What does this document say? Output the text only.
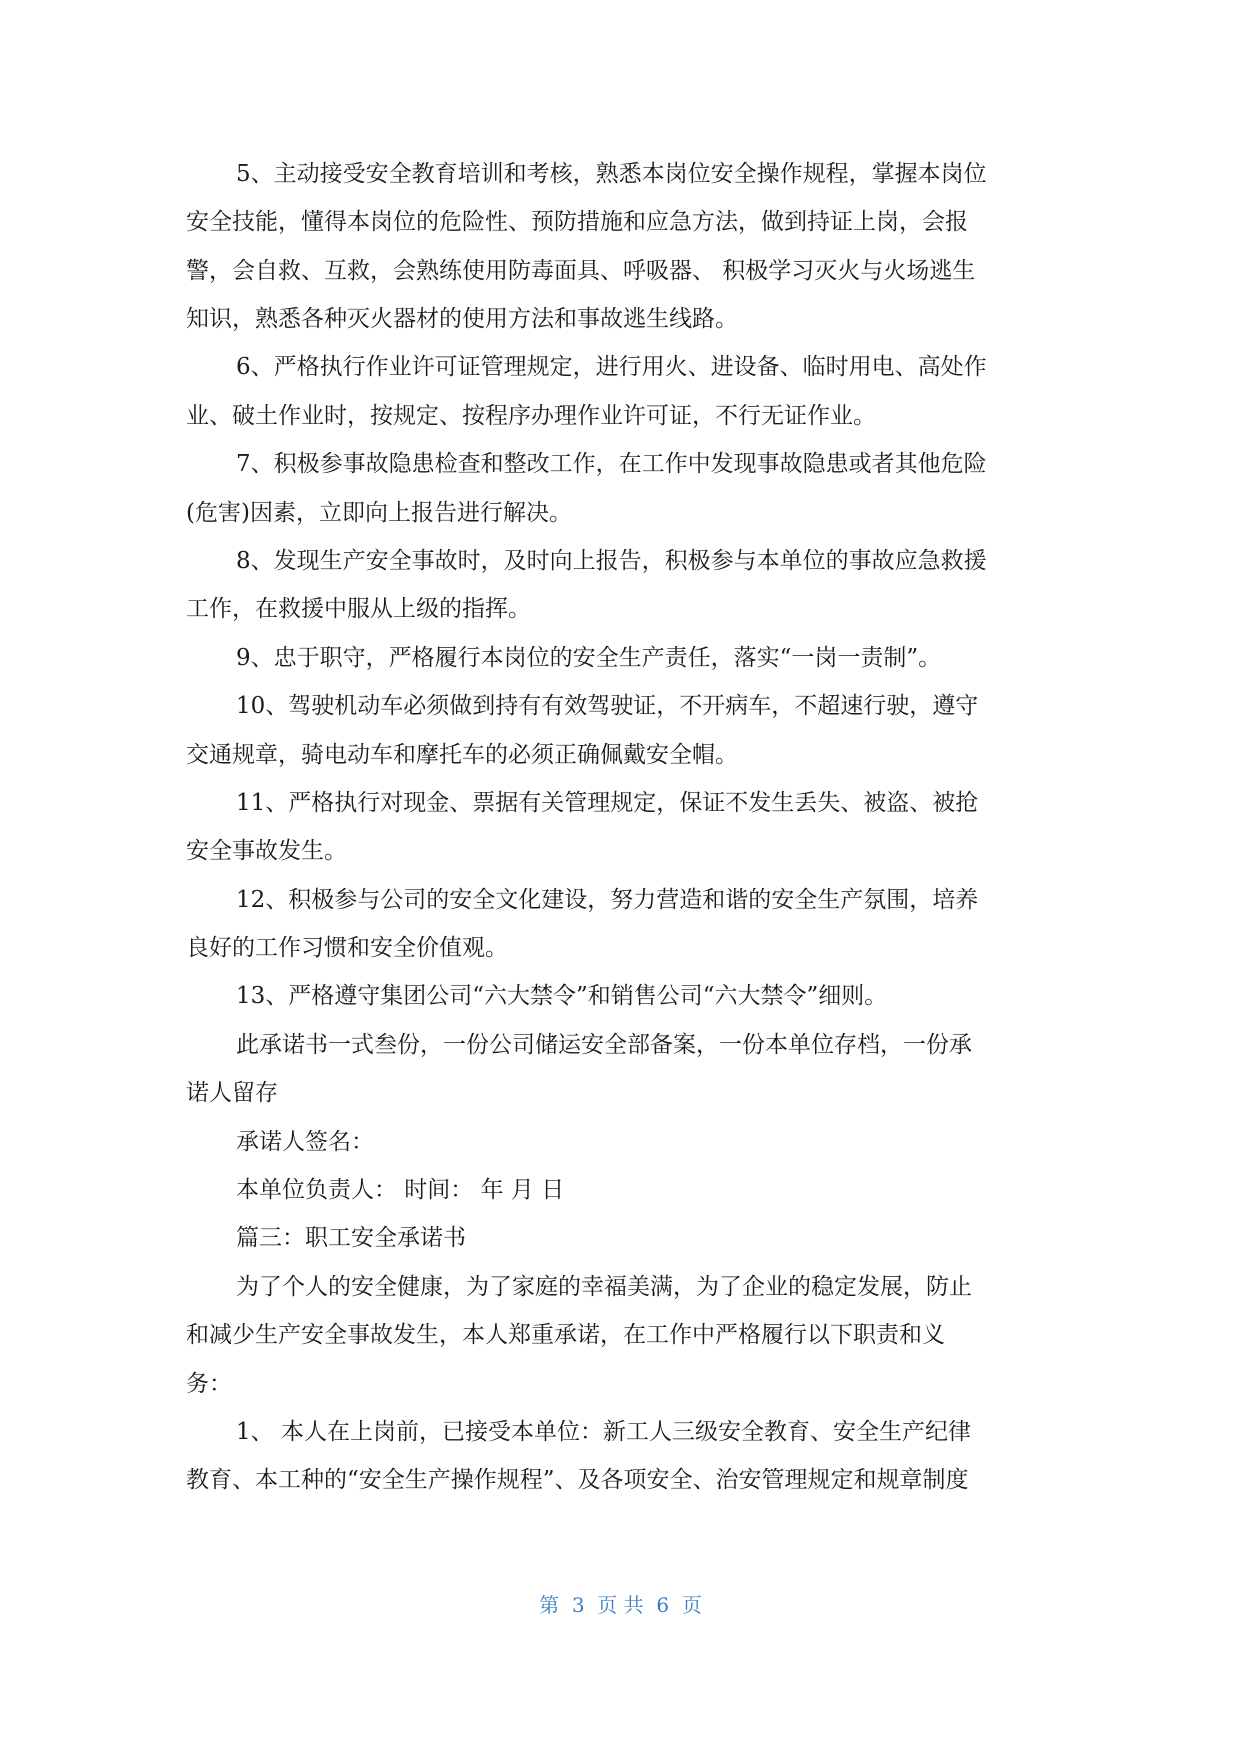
5、主动接受安全教育培训和考核，熟悉本岗位安全操作规程，掌握本岗位
安全技能，懂得本岗位的危险性、预防措施和应急方法，做到持证上岗，会报
警，会自救、互救，会熟练使用防毒面具、呼吸器、 积极学习灭火与火场逃生
知识，熟悉各种灭火器材的使用方法和事故逃生线路。
6、严格执行作业许可证管理规定，进行用火、进设备、临时用电、高处作
业、破土作业时，按规定、按程序办理作业许可证，不行无证作业。
7、积极参事故隐患检查和整改工作，在工作中发现事故隐患或者其他危险
(危害)因素，立即向上报告进行解决。
8、发现生产安全事故时，及时向上报告，积极参与本单位的事故应急救援
工作，在救援中服从上级的指挥。
9、忠于职守，严格履行本岗位的安全生产责任，落实“一岗一责制”。
10、驾驶机动车必须做到持有有效驾驶证，不开病车，不超速行驶，遵守
交通规章，骑电动车和摩托车的必须正确佩戴安全帽。
11、严格执行对现金、票据有关管理规定，保证不发生丢失、被盗、被抢
安全事故发生。
12、积极参与公司的安全文化建设，努力营造和谐的安全生产氛围，培养
良好的工作习惯和安全价值观。
13、严格遵守集团公司“六大禁令”和销售公司“六大禁令”细则。
此承诺书一式叁份，一份公司储运安全部备案，一份本单位存档，一份承
诺人留存
承诺人签名：
本单位负责人： 时间： 年 月 日
篇三：职工安全承诺书
为了个人的安全健康，为了家庭的幸福美满，为了企业的稳定发展，防止
和减少生产安全事故发生，本人郑重承诺，在工作中严格履行以下职责和义
务：
1、 本人在上岗前，已接受本单位：新工人三级安全教育、安全生产纪律
教育、本工种的“安全生产操作规程”、及各项安全、治安管理规定和规章制度
第  3  页 共  6  页
